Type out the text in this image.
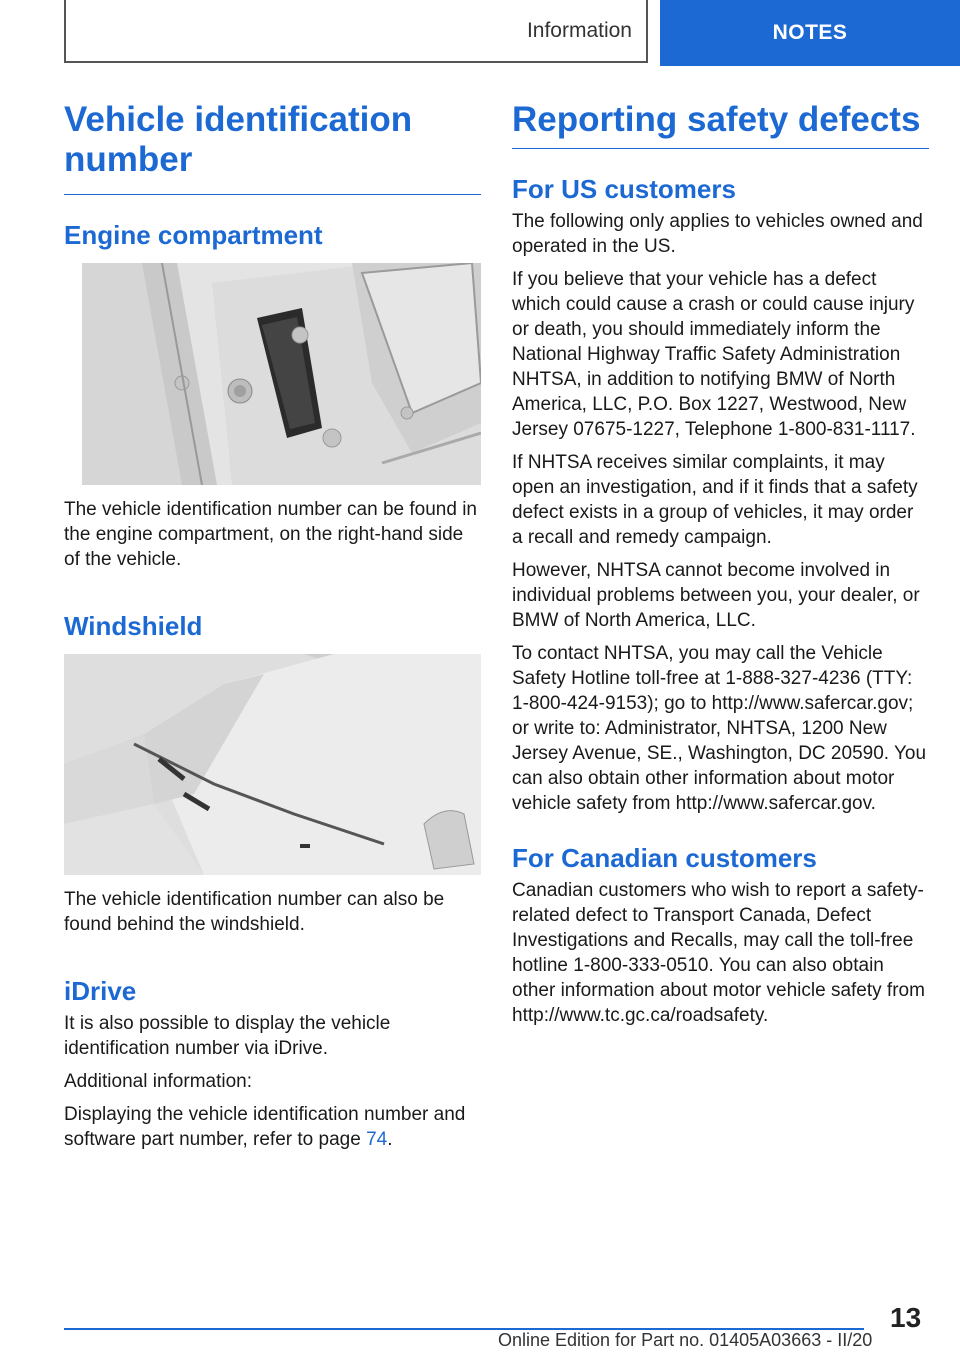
Information	NOTES
Vehicle identification number
Engine compartment

The vehicle identification number can be found in the engine compartment, on the right-hand side of the vehicle.

Windshield

The vehicle identification number can also be found behind the windshield.

iDrive

It is also possible to display the vehicle identification number via iDrive.

Additional information:

Displaying the vehicle identification number and software part number, refer to page 74.

Reporting safety defects
For US customers

The following only applies to vehicles owned and operated in the US.

If you believe that your vehicle has a defect which could cause a crash or could cause injury or death, you should immediately inform the National Highway Traffic Safety Administration NHTSA, in addition to notifying BMW of North America, LLC, P.O. Box 1227, Westwood, New Jersey 07675-1227, Telephone 1-800-831-1117.

If NHTSA receives similar complaints, it may open an investigation, and if it finds that a safety defect exists in a group of vehicles, it may order a recall and remedy campaign.

However, NHTSA cannot become involved in individual problems between you, your dealer, or BMW of North America, LLC.

To contact NHTSA, you may call the Vehicle Safety Hotline toll-free at 1-888-327-4236 (TTY: 1-800-424-9153); go to http://www.safercar.gov; or write to: Administrator, NHTSA, 1200 New Jersey Avenue, SE., Washington, DC 20590. You can also obtain other information about motor vehicle safety from http://www.safercar.gov.

For Canadian customers

Canadian customers who wish to report a safety-related defect to Transport Canada, Defect Investigations and Recalls, may call the toll-free hotline 1-800-333-0510. You can also obtain other information about motor vehicle safety from http://www.tc.gc.ca/roadsafety.

13
Online Edition for Part no. 01405A03663 - II/20
